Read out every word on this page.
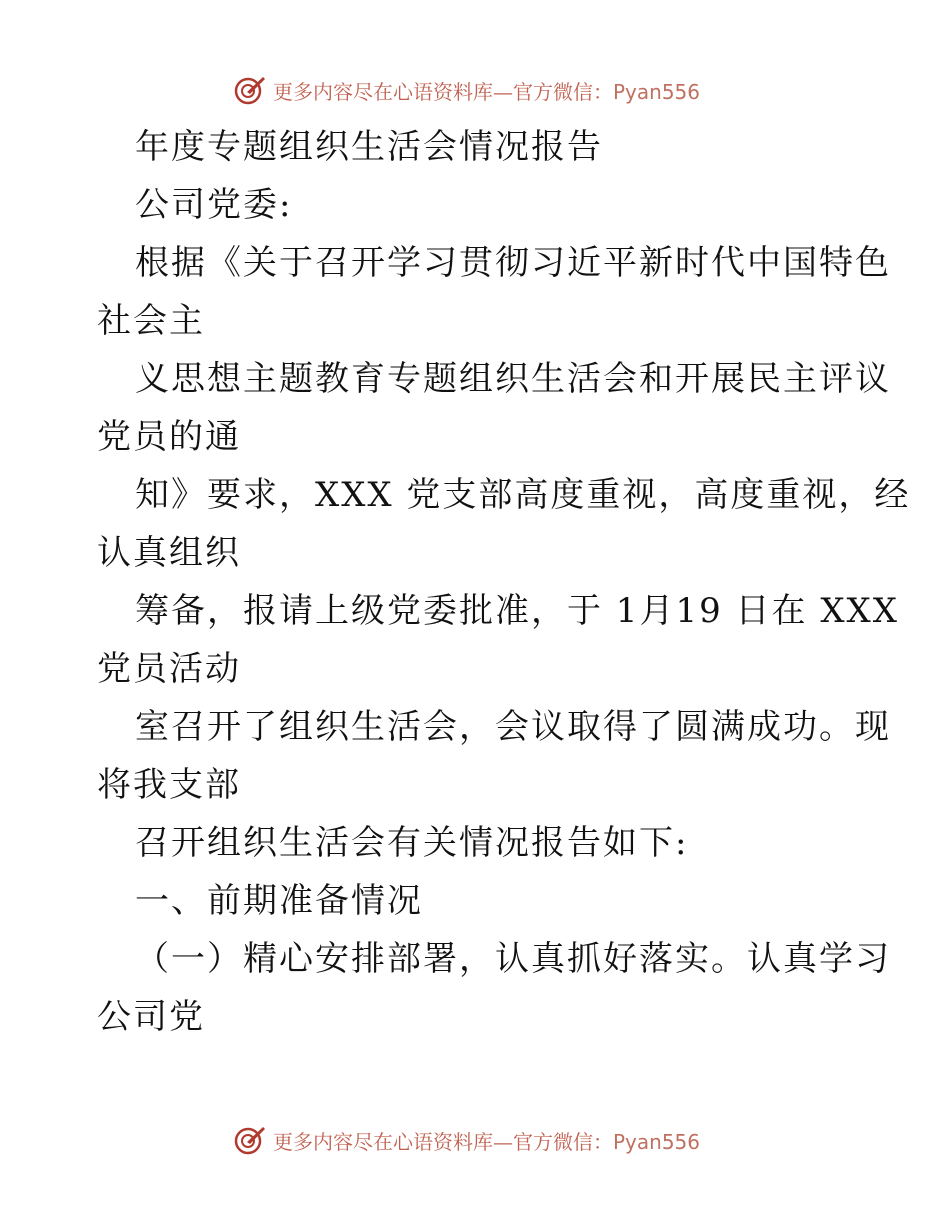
更多内容尽在心语资料库—官方微信：Pyan556
年度专题组织生活会情况报告
公司党委:
根据《关于召开学习贯彻习近平新时代中国特色
社会主
义思想主题教育专题组织生活会和开展民主评议
党员的通
知》要求，XXX 党支部高度重视，高度重视，经
认真组织
筹备，报请上级党委批准，于 1月19 日在 XXX
党员活动
室召开了组织生活会，会议取得了圆满成功。现
将我支部
召开组织生活会有关情况报告如下:
一、前期准备情况
（一）精心安排部署，认真抓好落实。认真学习
公司党
更多内容尽在心语资料库—官方微信：Pyan556
